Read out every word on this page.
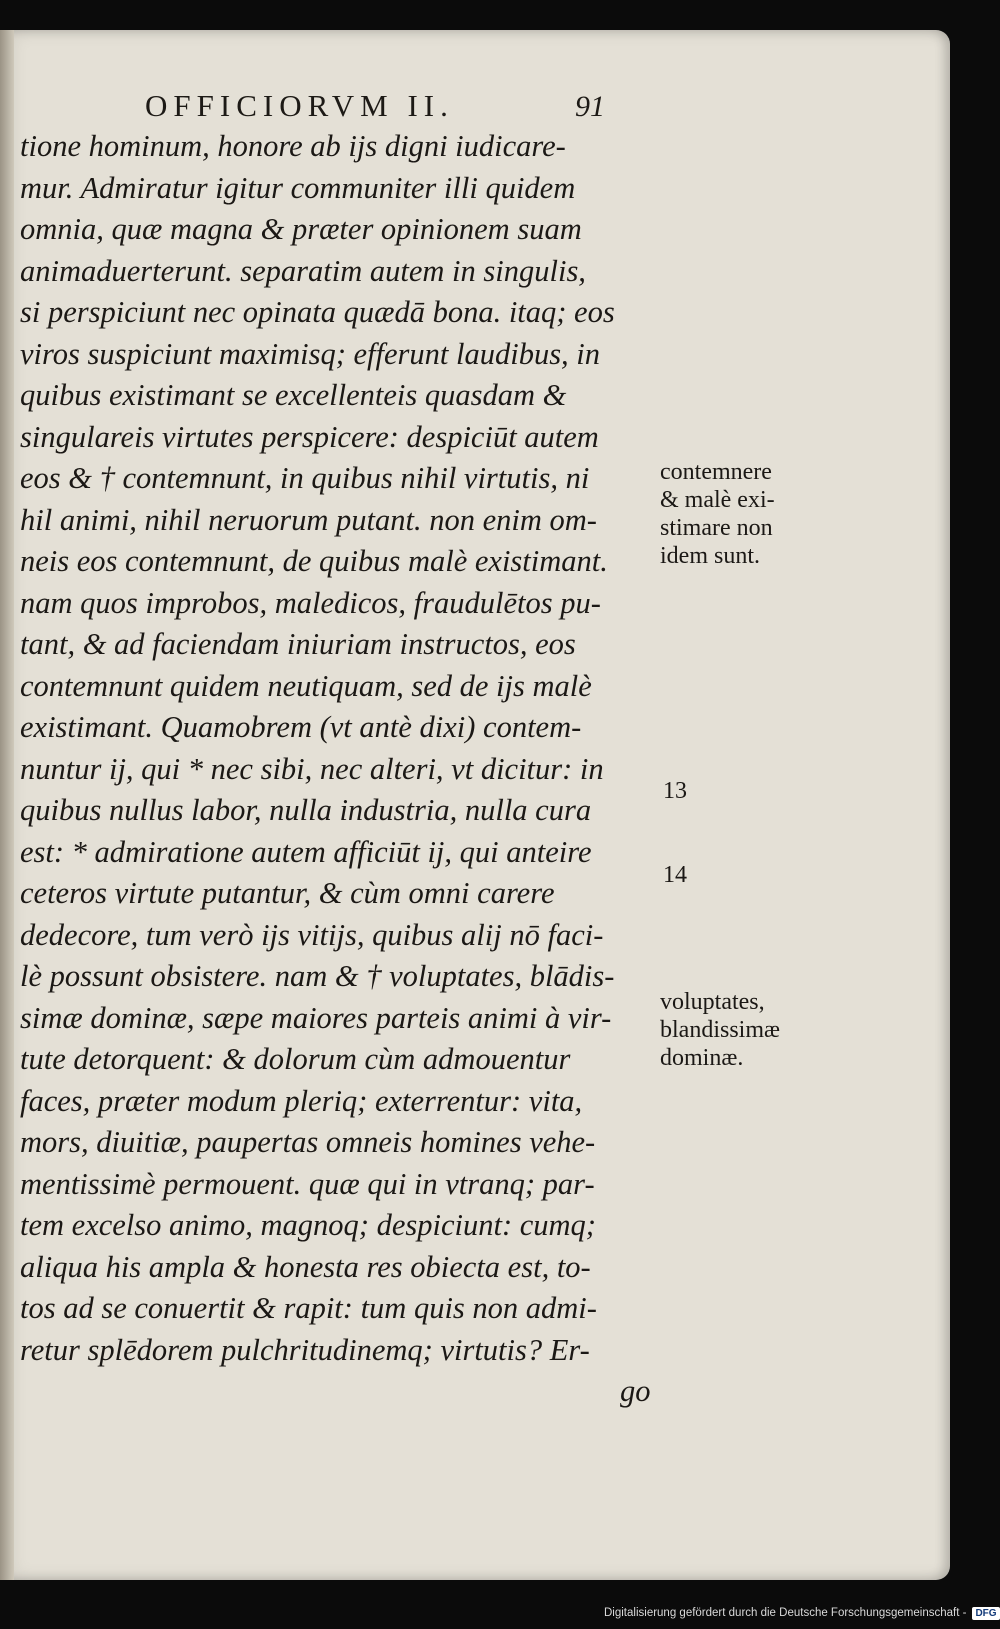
OFFICIORVM II.	91
tione hominum, honore ab ijs digni iudicare-
mur. Admiratur igitur communiter illi quidem
omnia, quæ magna & præter opinionem suam
animaduerterunt. separatim autem in singulis,
si perspiciunt nec opinata quædā bona. itaq; eos
viros suspiciunt maximisq; efferunt laudibus, in
quibus existimant se excellenteis quasdam &
singulareis virtutes perspicere: despiciūt autem
eos & † contemnunt, in quibus nihil virtutis, ni
hil animi, nihil neruorum putant. non enim om-
neis eos contemnunt, de quibus malè existimant.
nam quos improbos, maledicos, fraudulētos pu-
tant, & ad faciendam iniuriam instructos, eos
contemnunt quidem neutiquam, sed de ijs malè
existimant. Quamobrem (vt antè dixi) contem-
nuntur ij, qui * nec sibi, nec alteri, vt dicitur: in
quibus nullus labor, nulla industria, nulla cura
est: * admiratione autem afficiūt ij, qui anteire
ceteros virtute putantur, & cùm omni carere
dedecore, tum verò ijs vitijs, quibus alij nō faci-
lè possunt obsistere. nam & † voluptates, blādis-
simæ dominæ, sæpe maiores parteis animi à vir-
tute detorquent: & dolorum cùm admouentur
faces, præter modum pleriq; exterrentur: vita,
mors, diuitiæ, paupertas omneis homines vehe-
mentissimè permouent. quæ qui in vtranq; par-
tem excelso animo, magnoq; despiciunt: cumq;
aliqua his ampla & honesta res obiecta est, to-
tos ad se conuertit & rapit: tum quis non admi-
retur splēdorem pulchritudinemq; virtutis? Er-
go
contemnere
& malè exi-
stimare non
idem sunt.
13
14
voluptates,
blandissimæ
dominæ.
Digitalisierung gefördert durch die Deutsche Forschungsgemeinschaft - DFG
